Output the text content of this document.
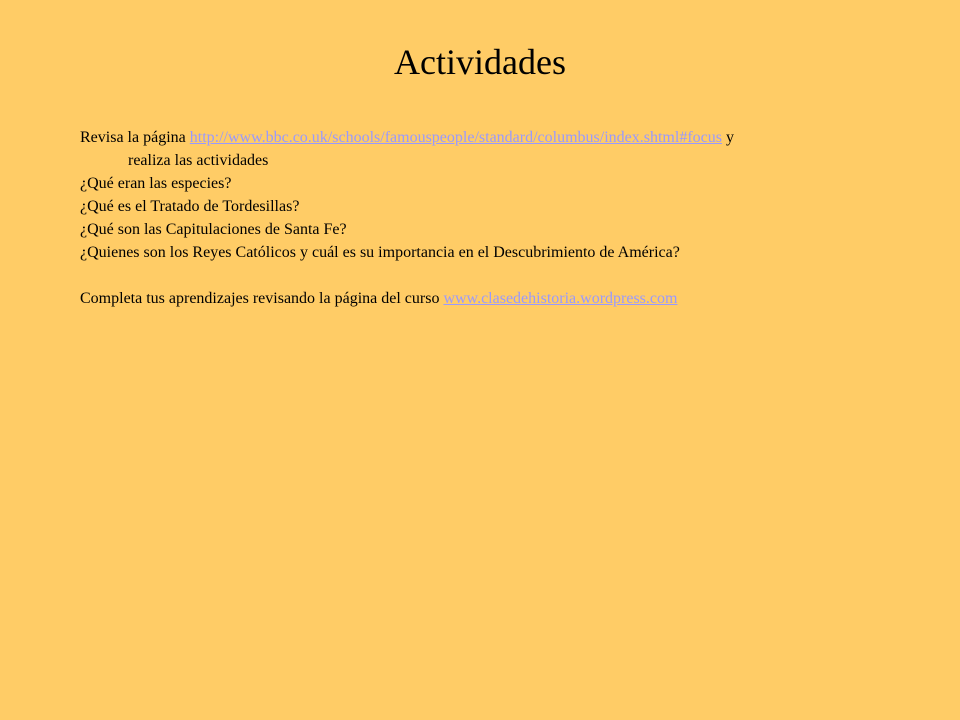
Actividades
Revisa la página http://www.bbc.co.uk/schools/famouspeople/standard/columbus/index.shtml#focus y
realiza las actividades
¿Qué eran las especies?
¿Qué es el Tratado de Tordesillas?
¿Qué son las Capitulaciones de Santa Fe?
¿Quienes son los Reyes Católicos y cuál es su importancia en el Descubrimiento de América?
Completa tus aprendizajes revisando la página del curso www.clasedehistoria.wordpress.com
